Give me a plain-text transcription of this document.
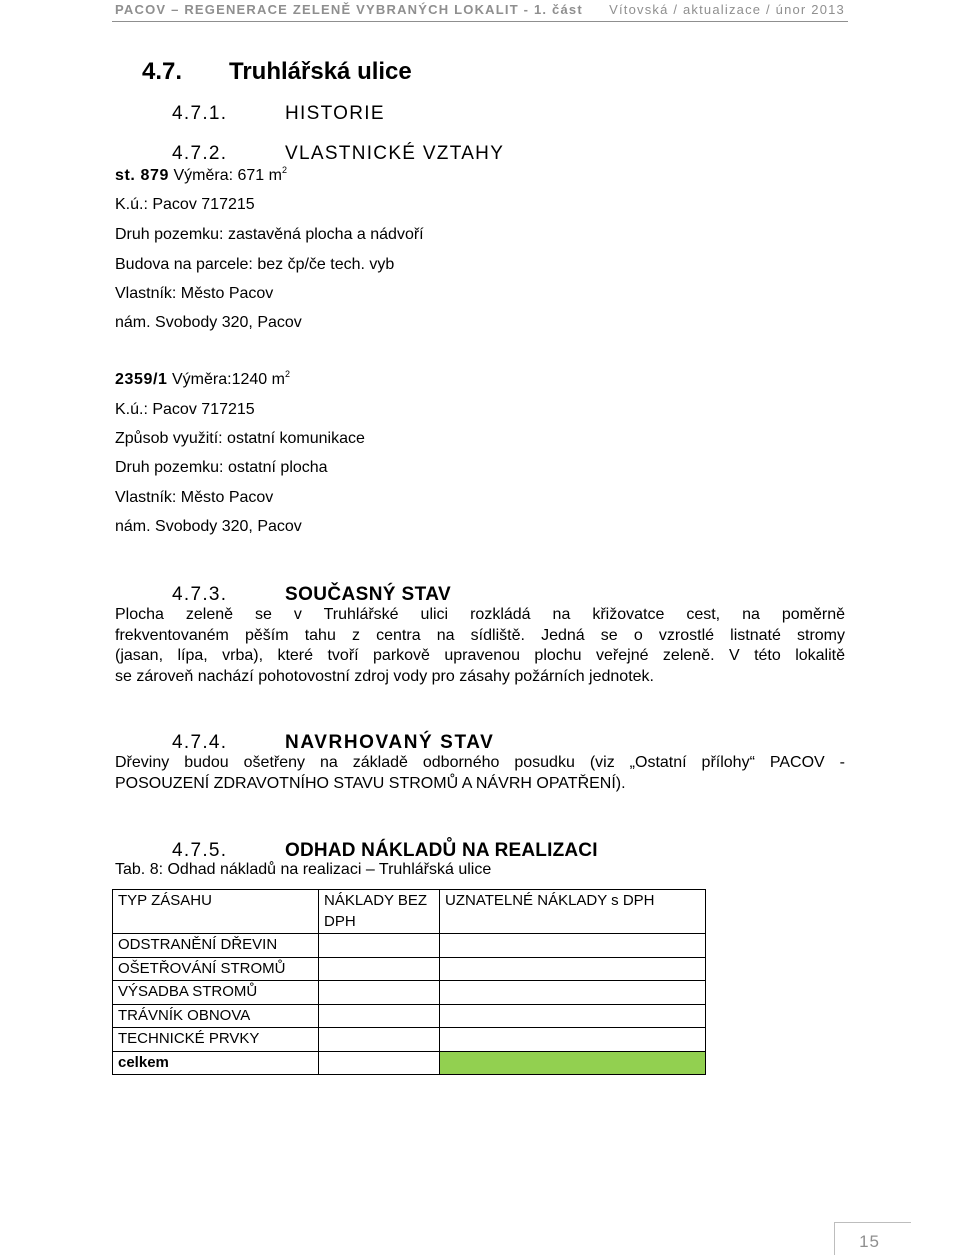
PACOV – REGENERACE ZELENĚ VYBRANÝCH LOKALIT - 1. část Vítovská / aktualizace / únor 2013
4.7. Truhlářská ulice
4.7.1.	HISTORIE
4.7.2.	VLASTNICKÉ VZTAHY
st. 879 Výměra: 671 $m^2$
K.ú.: Pacov 717215
Druh pozemku: zastavěná plocha a nádvoří
Budova na parcele: bez čp/če tech. vyb
Vlastník: Město Pacov
nám. Svobody 320, Pacov
2359/1 Výměra:1240 $m^2$
K.ú.: Pacov 717215
Způsob využití: ostatní komunikace
Druh pozemku: ostatní plocha
Vlastník: Město Pacov
nám. Svobody 320, Pacov
4.7.3.	SOUČASNÝ STAV
Plocha zeleně se v Truhlářské ulici rozkládá na křižovatce cest, na poměrně
frekventovaném pěším tahu z centra na sídliště. Jedná se o vzrostlé listnaté stromy
(jasan, lípa, vrba), které tvoří parkově upravenou plochu veřejné zeleně. V této lokalitě
se zároveň nachází pohotovostní zdroj vody pro zásahy požárních jednotek.
4.7.4.	NAVRHOVANÝ STAV
Dřeviny budou ošetřeny na základě odborného posudku (viz „Ostatní přílohy“ PACOV -
POSOUZENÍ ZDRAVOTNÍHO STAVU STROMŮ A NÁVRH OPATŘENÍ).
4.7.5.	ODHAD NÁKLADŮ NA REALIZACI
Tab. 8: Odhad nákladů na realizaci – Truhlářská ulice
TYP ZÁSAHU	NÁKLADY BEZ DPH	UZNATELNÉ NÁKLADY s DPH
ODSTRANĚNÍ DŘEVIN		
OŠETŘOVÁNÍ STROMŮ		
VÝSADBA STROMŮ		
TRÁVNÍK OBNOVA		
TECHNICKÉ PRVKY		
celkem		
15
